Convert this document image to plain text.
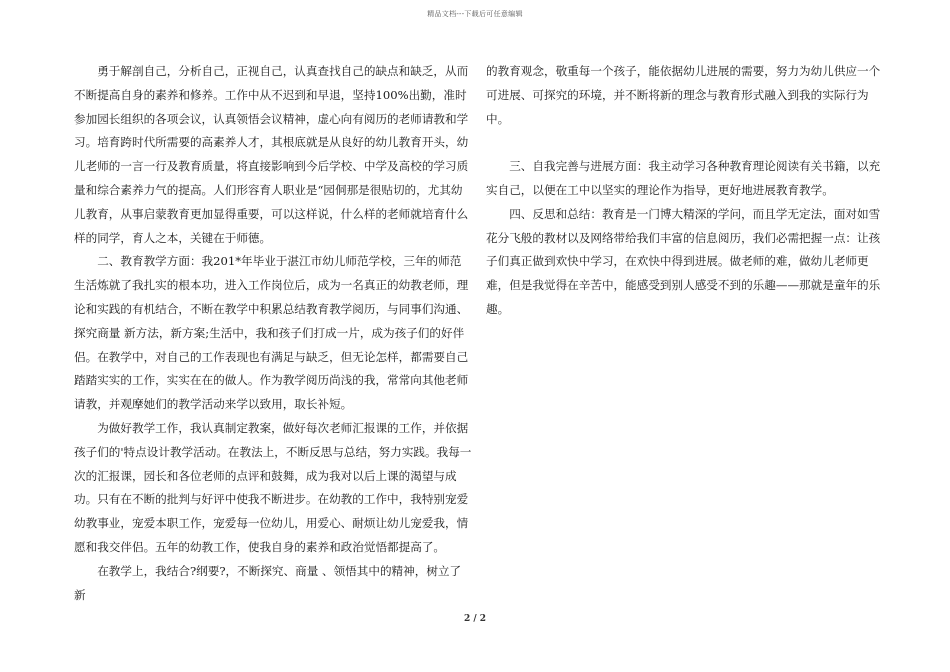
精品文档---下载后可任意编辑

勇于解剖自己，分析自己，正视自己，认真查找自己的缺点和缺乏，从而不断提高自身的素养和修养。工作中从不迟到和早退，坚持100%出勤，准时参加园长组织的各项会议，认真领悟会议精神，虚心向有阅历的老师请教和学习。培育跨时代所需要的高素养人才，其根底就是从良好的幼儿教育开头，幼儿老师的一言一行及教育质量，将直接影响到今后学校、中学及高校的学习质量和综合素养力气的提高。人们形容育人职业是“园侗那是很贴切的，尤其幼儿教育，从事启蒙教育更加显得重要，可以这样说，什么样的老师就培育什么样的同学，育人之本，关键在于师德。

二、教育教学方面：我201*年毕业于湛江市幼儿师范学校，三年的师范生活炼就了我扎实的根本功，进入工作岗位后，成为一名真正的幼教老师，理论和实践的有机结合，不断在教学中积累总结教育教学阅历，与同事们沟通、探究商量 新方法，新方案;生活中，我和孩子们打成一片，成为孩子们的好伴侣。在教学中，对自己的工作表现也有满足与缺乏，但无论怎样，都需要自己踏踏实实的工作，实实在在的做人。作为教学阅历尚浅的我，常常向其他老师请教，并观摩她们的教学活动来学以致用，取长补短。

为做好教学工作，我认真制定教案，做好每次老师汇报课的工作，并依据孩子们的'特点设计教学活动。在教法上，不断反思与总结，努力实践。我每一次的汇报课，园长和各位老师的点评和鼓舞，成为我对以后上课的渴望与成功。只有在不断的批判与好评中使我不断进步。在幼教的工作中，我特别宠爱幼教事业，宠爱本职工作，宠爱每一位幼儿，用爱心、耐烦让幼儿宠爱我，情愿和我交伴侣。五年的幼教工作，使我自身的素养和政治觉悟都提高了。

在教学上，我结合?纲要?，不断探究、商量 、领悟其中的精神，树立了新

的教育观念，敬重每一个孩子，能依据幼儿进展的需要，努力为幼儿供应一个可进展、可探究的环境，并不断将新的理念与教育形式融入到我的实际行为中。

三、自我完善与进展方面：我主动学习各种教育理论阅读有关书籍，以充实自己，以便在工中以坚实的理论作为指导，更好地进展教育教学。

四、反思和总结：教育是一门博大精深的学问，而且学无定法，面对如雪花分飞般的教材以及网络带给我们丰富的信息阅历，我们必需把握一点：让孩子们真正做到欢快中学习，在欢快中得到进展。做老师的难，做幼儿老师更难，但是我觉得在辛苦中，能感受到别人感受不到的乐趣——那就是童年的乐趣。

2 / 2
